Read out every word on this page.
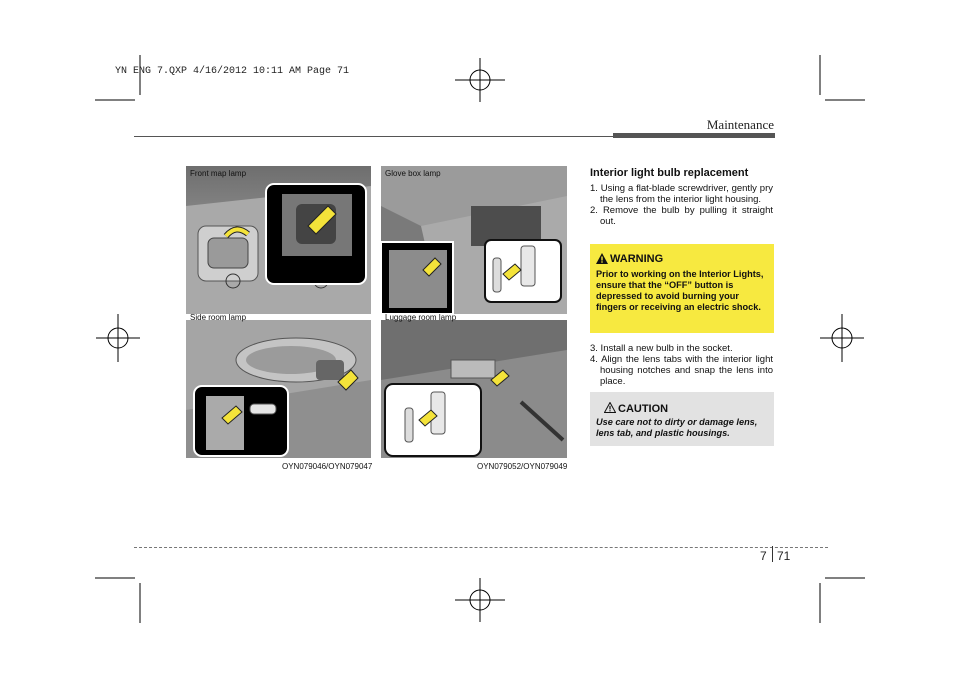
YN ENG 7.QXP 4/16/2012 10:11 AM Page 71
Maintenance
Front map lamp
Side room lamp
Glove box lamp
Luggage room lamp
OYN079046/OYN079047	OYN079052/OYN079049
Interior light bulb replacement
1. Using a flat-blade screwdriver, gently pry the lens from the interior light housing.
2. Remove the bulb by pulling it straight out.
WARNING
Prior to working on the Interior Lights, ensure that the “OFF” button is depressed to avoid burning your fingers or receiving an electric shock.
3. Install a new bulb in the socket.
4. Align the lens tabs with the interior light housing notches and snap the lens into place.
CAUTION
Use care not to dirty or damage lens, lens tab, and plastic housings.
7 71
